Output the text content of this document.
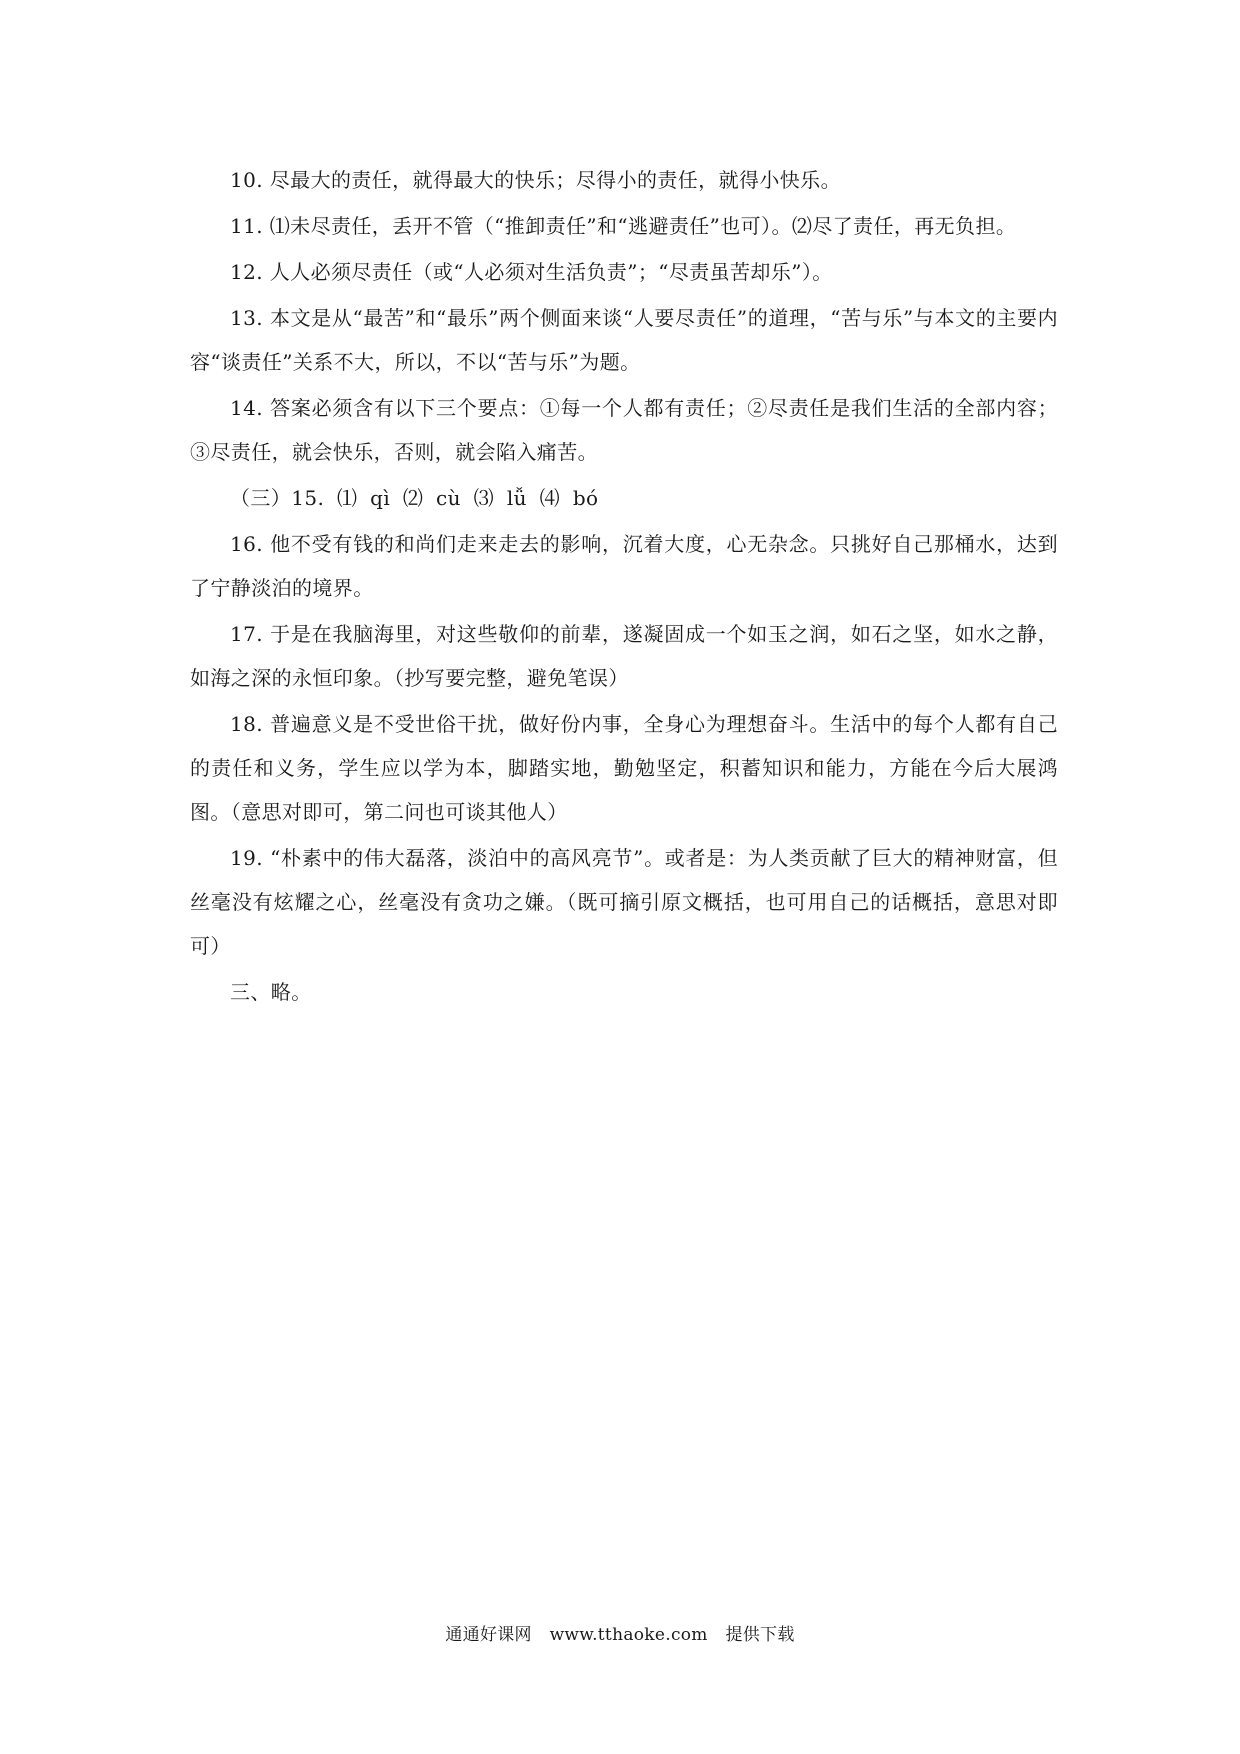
10. 尽最大的责任，就得最大的快乐；尽得小的责任，就得小快乐。

11. ⑴未尽责任，丢开不管（“推卸责任”和“逃避责任”也可）。⑵尽了责任，再无负担。

12. 人人必须尽责任（或“人必须对生活负责”；“尽责虽苦却乐”）。

13. 本文是从“最苦”和“最乐”两个侧面来谈“人要尽责任”的道理，“苦与乐”与本文的主要内容“谈责任”关系不大，所以，不以“苦与乐”为题。

14. 答案必须含有以下三个要点：①每一个人都有责任；②尽责任是我们生活的全部内容；③尽责任，就会快乐，否则，就会陷入痛苦。

（三）15. ⑴ qì ⑵ cù ⑶ lǚ ⑷ bó

16. 他不受有钱的和尚们走来走去的影响，沉着大度，心无杂念。只挑好自己那桶水，达到了宁静淡泊的境界。

17. 于是在我脑海里，对这些敬仰的前辈，遂凝固成一个如玉之润，如石之坚，如水之静，如海之深的永恒印象。（抄写要完整，避免笔误）

18. 普遍意义是不受世俗干扰，做好份内事，全身心为理想奋斗。生活中的每个人都有自己的责任和义务，学生应以学为本，脚踏实地，勤勉坚定，积蓄知识和能力，方能在今后大展鸿图。（意思对即可，第二问也可谈其他人）

19. “朴素中的伟大磊落，淡泊中的高风亮节”。或者是：为人类贡献了巨大的精神财富，但丝毫没有炫耀之心，丝毫没有贪功之嫌。（既可摘引原文概括，也可用自己的话概括，意思对即可）

三、略。

通通好课网 www.tthaoke.com 提供下载
